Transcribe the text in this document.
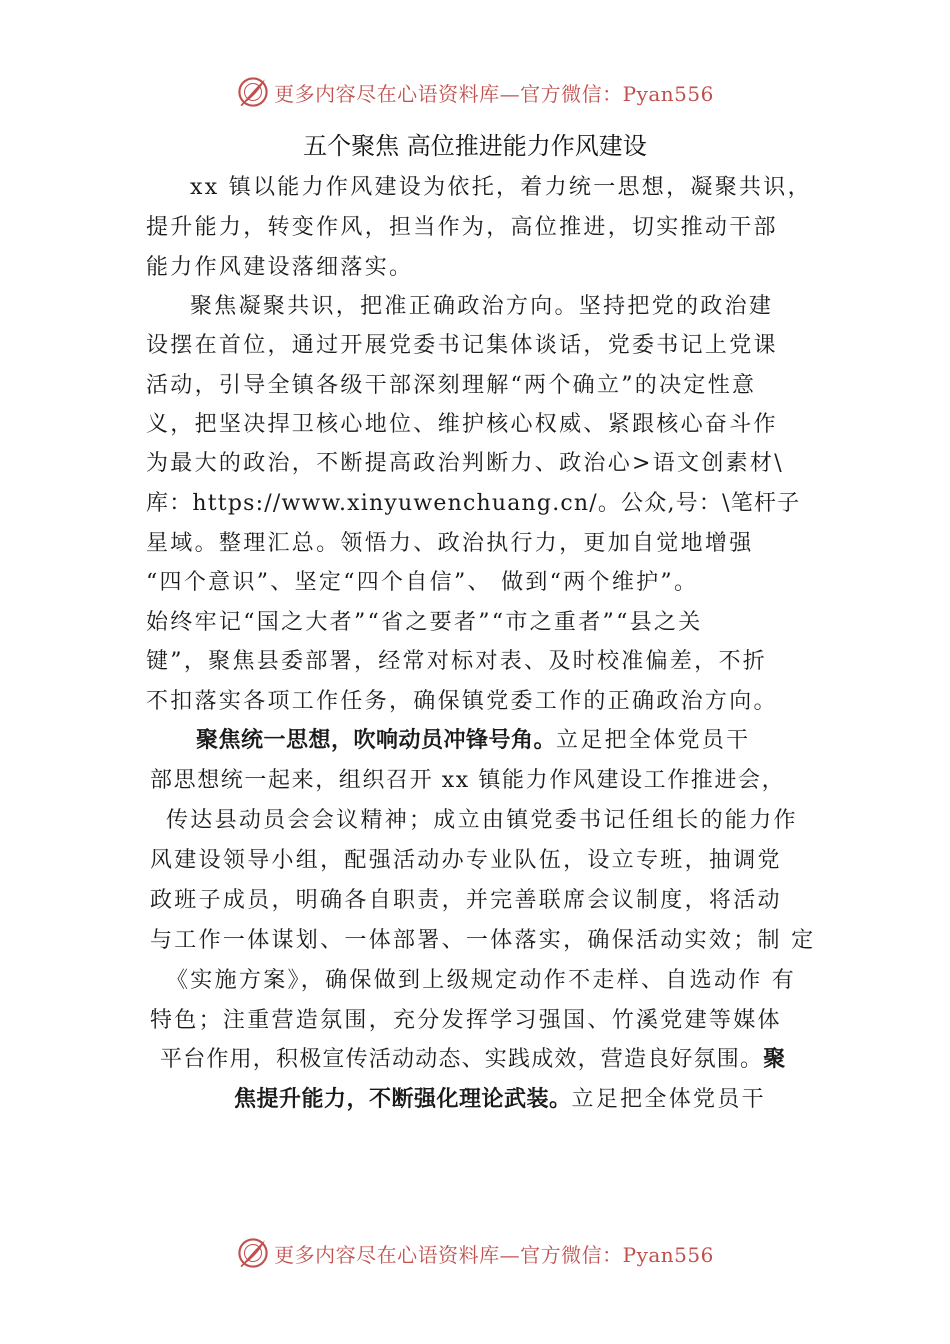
更多内容尽在心语资料库—官方微信：Pyan556
五个聚焦 高位推进能力作风建设
xx 镇以能力作风建设为依托，着力统一思想，凝聚共识，
提升能力，转变作风，担当作为，高位推进，切实推动干部
能力作风建设落细落实。
聚焦凝聚共识，把准正确政治方向。坚持把党的政治建
设摆在首位，通过开展党委书记集体谈话，党委书记上党课
活动，引导全镇各级干部深刻理解“两个确立”的决定性意
义，把坚决捍卫核心地位、维护核心权威、紧跟核心奋斗作
为最大的政治，不断提高政治判断力、政治心>语文创素材\
库：https://www.xinyuwenchuang.cn/。公众,号：\笔杆子
星域。整理汇总。领悟力、政治执行力，更加自觉地增强
“四个意识”、坚定“四个自信”、 做到“两个维护”。
始终牢记“国之大者”“省之要者”“市之重者”“县之关
键”，聚焦县委部署，经常对标对表、及时校准偏差，不折
不扣落实各项工作任务，确保镇党委工作的正确政治方向。
聚焦统一思想，吹响动员冲锋号角。立足把全体党员干
部思想统一起来，组织召开 xx 镇能力作风建设工作推进会，
传达县动员会会议精神；成立由镇党委书记任组长的能力作
风建设领导小组，配强活动办专业队伍，设立专班，抽调党
政班子成员，明确各自职责，并完善联席会议制度，将活动
与工作一体谋划、一体部署、一体落实，确保活动实效；制 定
《实施方案》，确保做到上级规定动作不走样、自选动作 有
特色；注重营造氛围，充分发挥学习强国、竹溪党建等媒体
平台作用，积极宣传活动动态、实践成效，营造良好氛围。聚
焦提升能力，不断强化理论武装。立足把全体党员干
更多内容尽在心语资料库—官方微信：Pyan556
